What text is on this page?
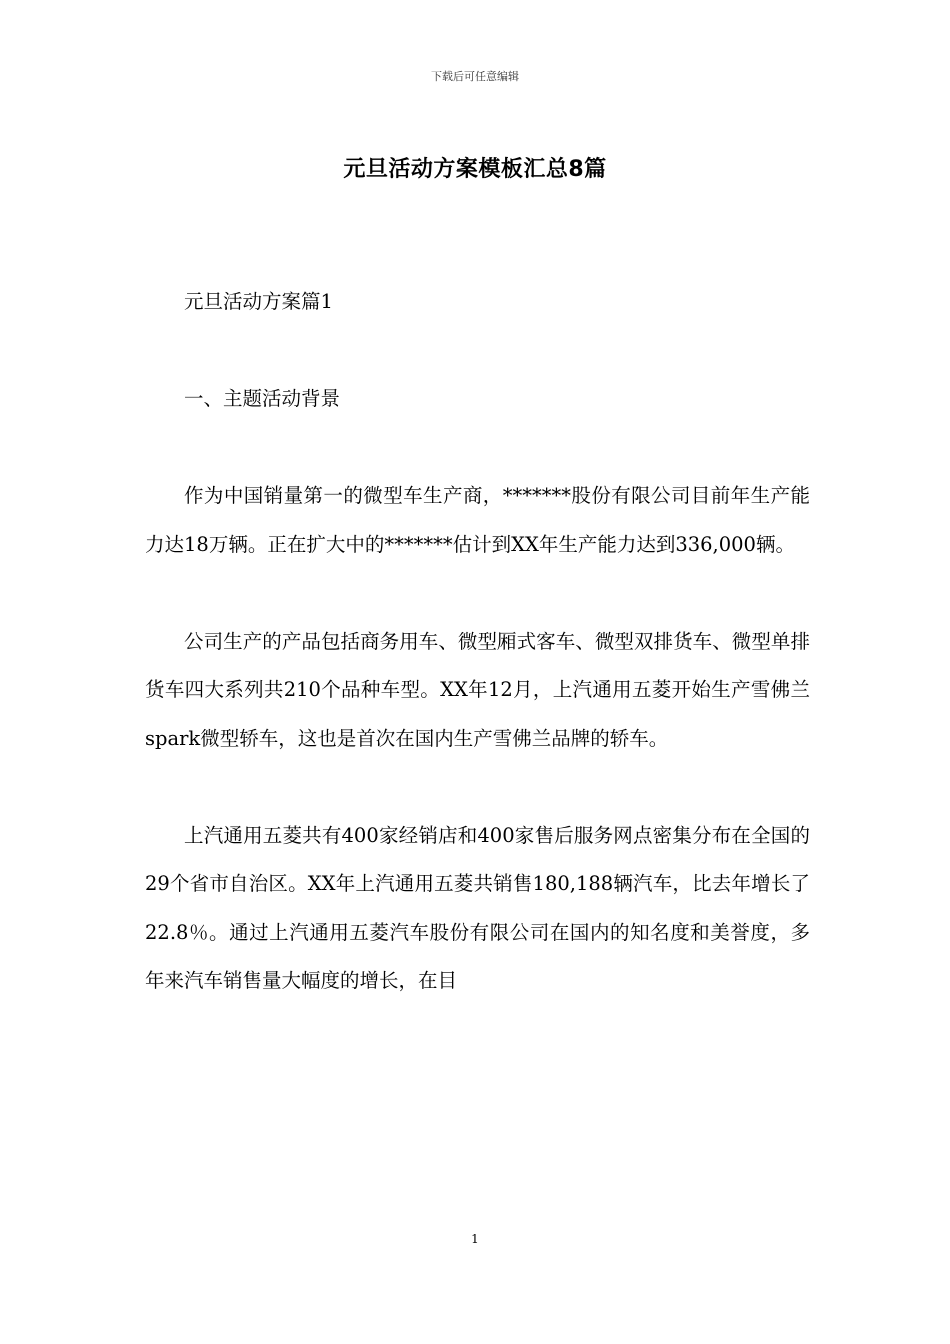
下载后可任意编辑
元旦活动方案模板汇总8篇

元旦活动方案篇1

一、主题活动背景

作为中国销量第一的微型车生产商，*******股份有限公司目前年生产能力达18万辆。正在扩大中的*******估计到XX年生产能力达到336,000辆。

公司生产的产品包括商务用车、微型厢式客车、微型双排货车、微型单排货车四大系列共210个品种车型。XX年12月，上汽通用五菱开始生产雪佛兰spark微型轿车，这也是首次在国内生产雪佛兰品牌的轿车。

上汽通用五菱共有400家经销店和400家售后服务网点密集分布在全国的29个省市自治区。XX年上汽通用五菱共销售180,188辆汽车，比去年增长了22.8％。通过上汽通用五菱汽车股份有限公司在国内的知名度和美誉度，多年来汽车销售量大幅度的增长，在目

1
